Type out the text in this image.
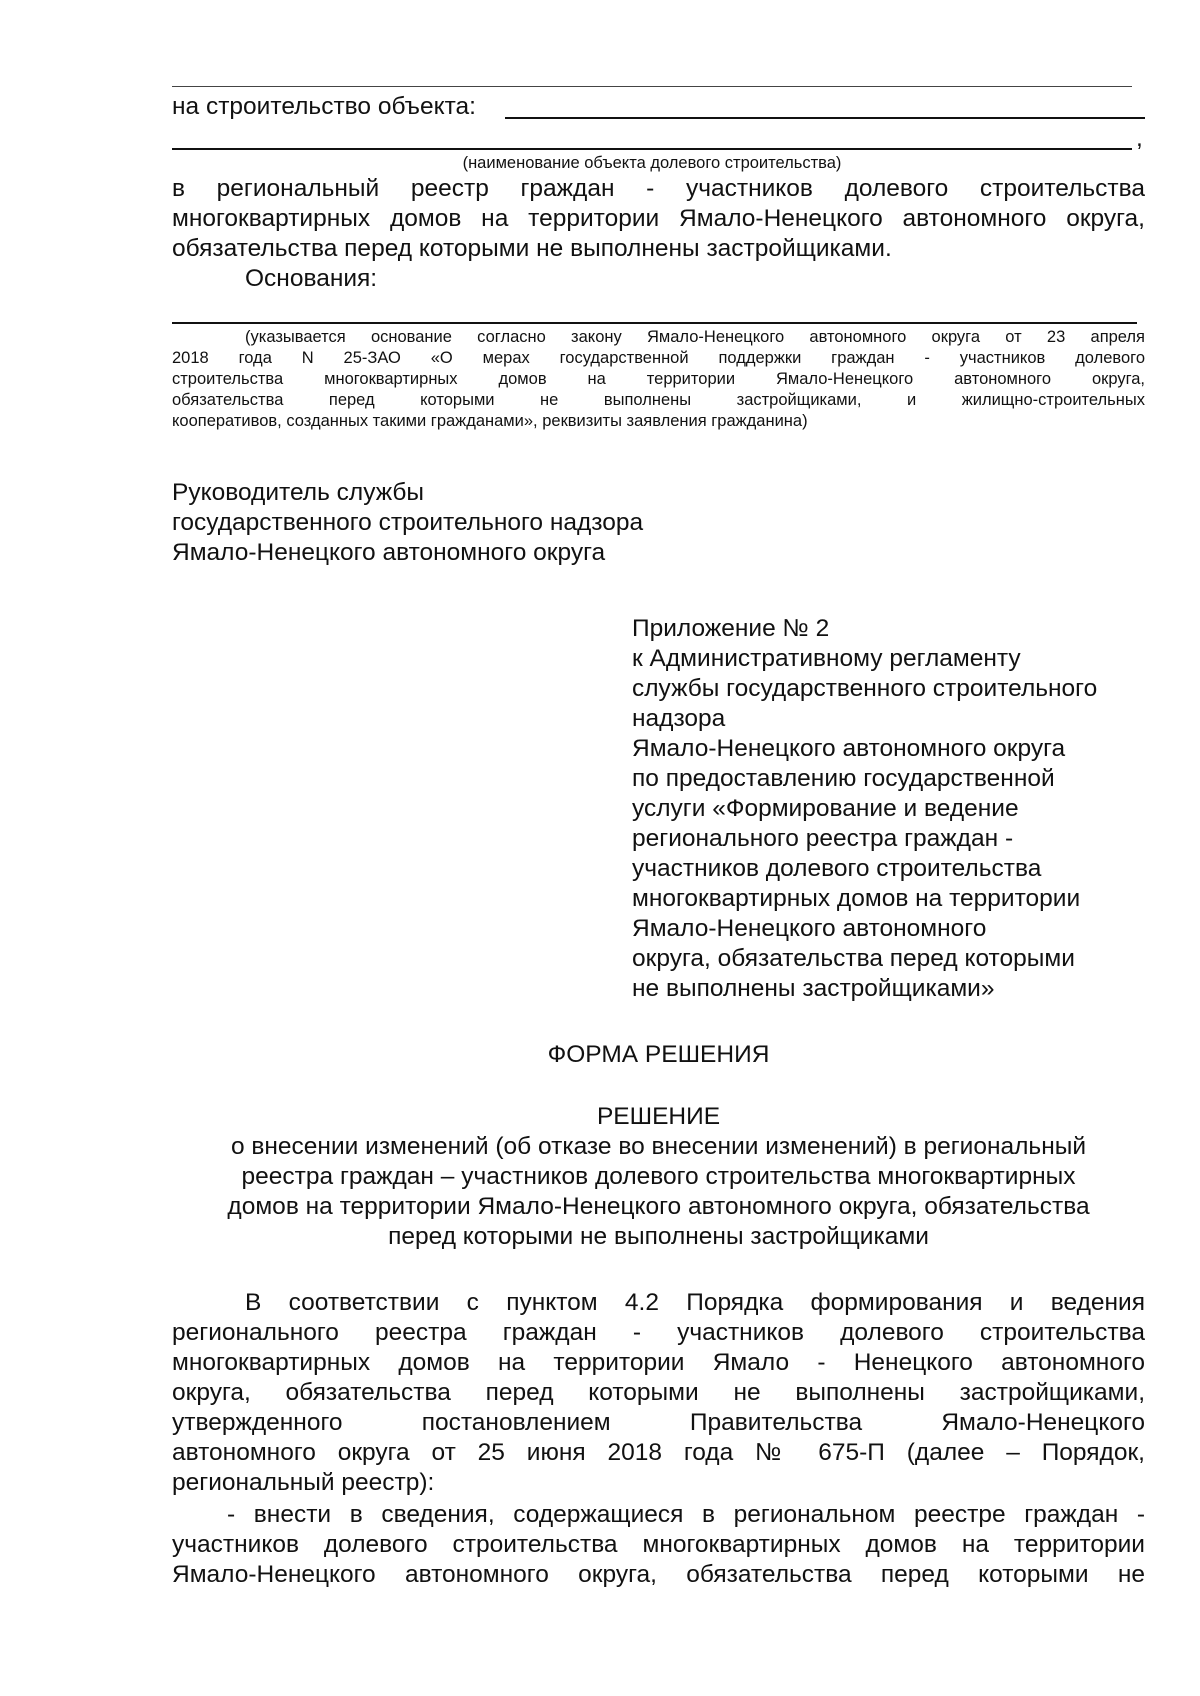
на строительство объекта:
,
(наименование объекта долевого строительства)
в региональный реестр граждан - участников долевого строительства
многоквартирных домов на территории Ямало-Ненецкого автономного округа,
обязательства перед которыми не выполнены застройщиками.
Основания:
(указывается основание согласно закону Ямало-Ненецкого автономного округа от 23 апреля
2018 года N 25-ЗАО «О мерах государственной поддержки граждан - участников долевого
строительства многоквартирных домов на территории Ямало-Ненецкого автономного округа,
обязательства перед которыми не выполнены застройщиками, и жилищно-строительных
кооперативов, созданных такими гражданами», реквизиты заявления гражданина)
Руководитель службы
государственного строительного надзора
Ямало-Ненецкого автономного округа
Приложение № 2
к Административному регламенту
службы государственного строительного
надзора
Ямало-Ненецкого автономного округа
по предоставлению государственной
услуги «Формирование и ведение
регионального реестра граждан -
участников долевого строительства
многоквартирных домов на территории
Ямало-Ненецкого автономного
округа, обязательства перед которыми
не выполнены застройщиками»
ФОРМА РЕШЕНИЯ
РЕШЕНИЕ
о внесении изменений (об отказе во внесении изменений) в региональный
реестра граждан – участников долевого строительства многоквартирных
домов на территории Ямало-Ненецкого автономного округа, обязательства
перед которыми не выполнены застройщиками
В соответствии с пунктом 4.2 Порядка формирования и ведения
регионального реестра граждан - участников долевого строительства
многоквартирных домов на территории Ямало - Ненецкого автономного
округа, обязательства перед которыми не выполнены застройщиками,
утвержденного постановлением Правительства Ямало-Ненецкого
автономного округа от 25 июня 2018 года № 675-П (далее – Порядок,
региональный реестр):
- внести в сведения, содержащиеся в региональном реестре граждан -
участников долевого строительства многоквартирных домов на территории
Ямало-Ненецкого автономного округа, обязательства перед которыми не
